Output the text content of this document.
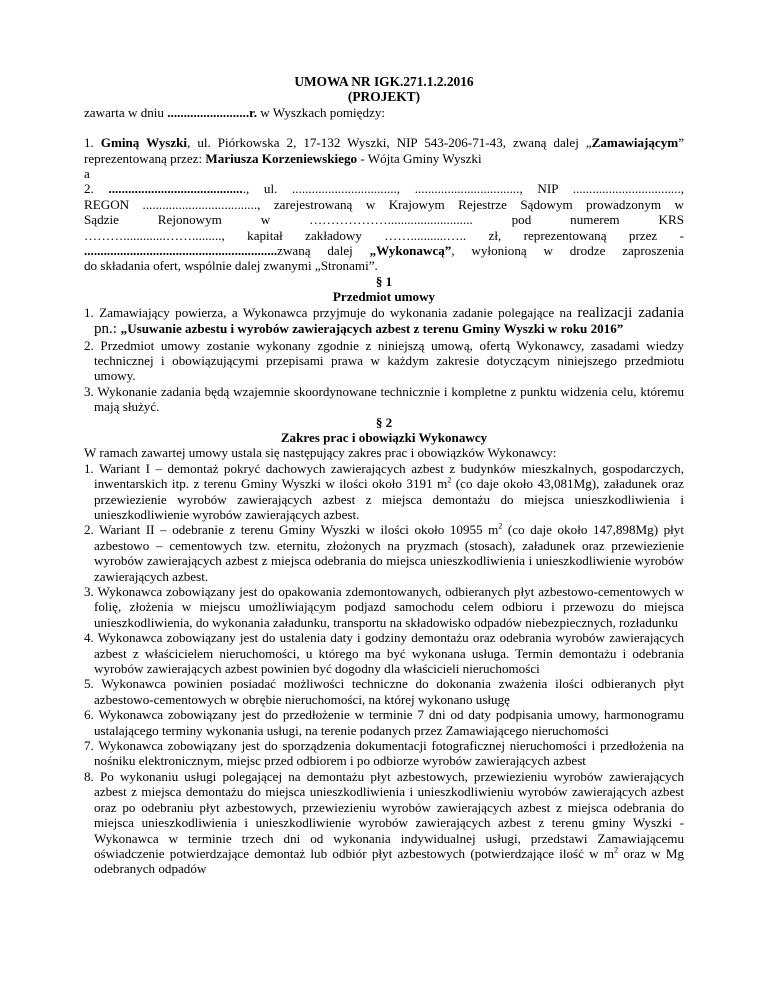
UMOWA NR IGK.271.1.2.2016

(PROJEKT)

zawarta w dniu .........................r. w Wyszkach pomiędzy:

1. Gminą Wyszki, ul. Piórkowska 2, 17-132 Wyszki, NIP 543-206-71-43, zwaną dalej „Zamawiającym” reprezentowaną przez: Mariusza Korzeniewskiego - Wójta Gminy Wyszki

a

2. .........................................., ul. ................................, ................................, NIP .................................,

REGON ..................................., zarejestrowaną w Krajowym Rejestrze Sądowym prowadzonym w

Sądzie Rejonowym w ……………….......................... pod numerem KRS

……….............……........., kapitał zakładowy ……...........….. zł, reprezentowaną przez -

...........................................................zwaną dalej „Wykonawcą”, wyłonioną w drodze zaproszenia

do składania ofert, wspólnie dalej zwanymi „Stronami”.

§ 1

Przedmiot umowy

1. Zamawiający powierza, a Wykonawca przyjmuje do wykonania zadanie polegające na realizacji zadania pn.: „Usuwanie azbestu i wyrobów zawierających azbest z terenu Gminy Wyszki w roku 2016”
2. Przedmiot umowy zostanie wykonany zgodnie z niniejszą umową, ofertą Wykonawcy, zasadami wiedzy technicznej i obowiązującymi przepisami prawa w każdym zakresie dotyczącym niniejszego przedmiotu umowy.
3. Wykonanie zadania będą wzajemnie skoordynowane technicznie i kompletne z punktu widzenia celu, któremu mają służyć.

§ 2

Zakres prac i obowiązki Wykonawcy

W ramach zawartej umowy ustala się następujący zakres prac i obowiązków Wykonawcy:

1. Wariant I – demontaż pokryć dachowych zawierających azbest z budynków mieszkalnych, gospodarczych, inwentarskich itp. z terenu Gminy Wyszki w ilości około 3191 $m^2$ (co daje około 43,081Mg), załadunek oraz przewiezienie wyrobów zawierających azbest z miejsca demontażu do miejsca unieszkodliwienia i unieszkodliwienie wyrobów zawierających azbest.
2. Wariant II – odebranie z terenu Gminy Wyszki w ilości około 10955 $m^2$ (co daje około 147,898Mg) płyt azbestowo – cementowych tzw. eternitu, złożonych na pryzmach (stosach), załadunek oraz przewiezienie wyrobów zawierających azbest z miejsca odebrania do miejsca unieszkodliwienia i unieszkodliwienie wyrobów zawierających azbest.
3. Wykonawca zobowiązany jest do opakowania zdemontowanych, odbieranych płyt azbestowo-cementowych w folię, złożenia w miejscu umożliwiającym podjazd samochodu celem odbioru i przewozu do miejsca unieszkodliwienia, do wykonania załadunku, transportu na składowisko odpadów niebezpiecznych, rozładunku
4. Wykonawca zobowiązany jest do ustalenia daty i godziny demontażu oraz odebrania wyrobów zawierających azbest z właścicielem nieruchomości, u którego ma być wykonana usługa. Termin demontażu i odebrania wyrobów zawierających azbest powinien być dogodny dla właścicieli nieruchomości
5. Wykonawca powinien posiadać możliwości techniczne do dokonania zważenia ilości odbieranych płyt azbestowo-cementowych w obrębie nieruchomości, na której wykonano usługę
6. Wykonawca zobowiązany jest do przedłożenie w terminie 7 dni od daty podpisania umowy, harmonogramu ustalającego terminy wykonania usługi, na terenie podanych przez Zamawiającego nieruchomości
7. Wykonawca zobowiązany jest do sporządzenia dokumentacji fotograficznej nieruchomości i przedłożenia na nośniku elektronicznym, miejsc przed odbiorem i po odbiorze wyrobów zawierających azbest
8. Po wykonaniu usługi polegającej na demontażu płyt azbestowych, przewiezieniu wyrobów zawierających azbest z miejsca demontażu do miejsca unieszkodliwienia i unieszkodliwieniu wyrobów zawierających azbest oraz po odebraniu płyt azbestowych, przewiezieniu wyrobów zawierających azbest z miejsca odebrania do miejsca unieszkodliwienia i unieszkodliwienie wyrobów zawierających azbest z terenu gminy Wyszki - Wykonawca w terminie trzech dni od wykonania indywidualnej usługi, przedstawi Zamawiającemu oświadczenie potwierdzające demontaż lub odbiór płyt azbestowych (potwierdzające ilość w $m^2$ oraz w Mg odebranych odpadów
